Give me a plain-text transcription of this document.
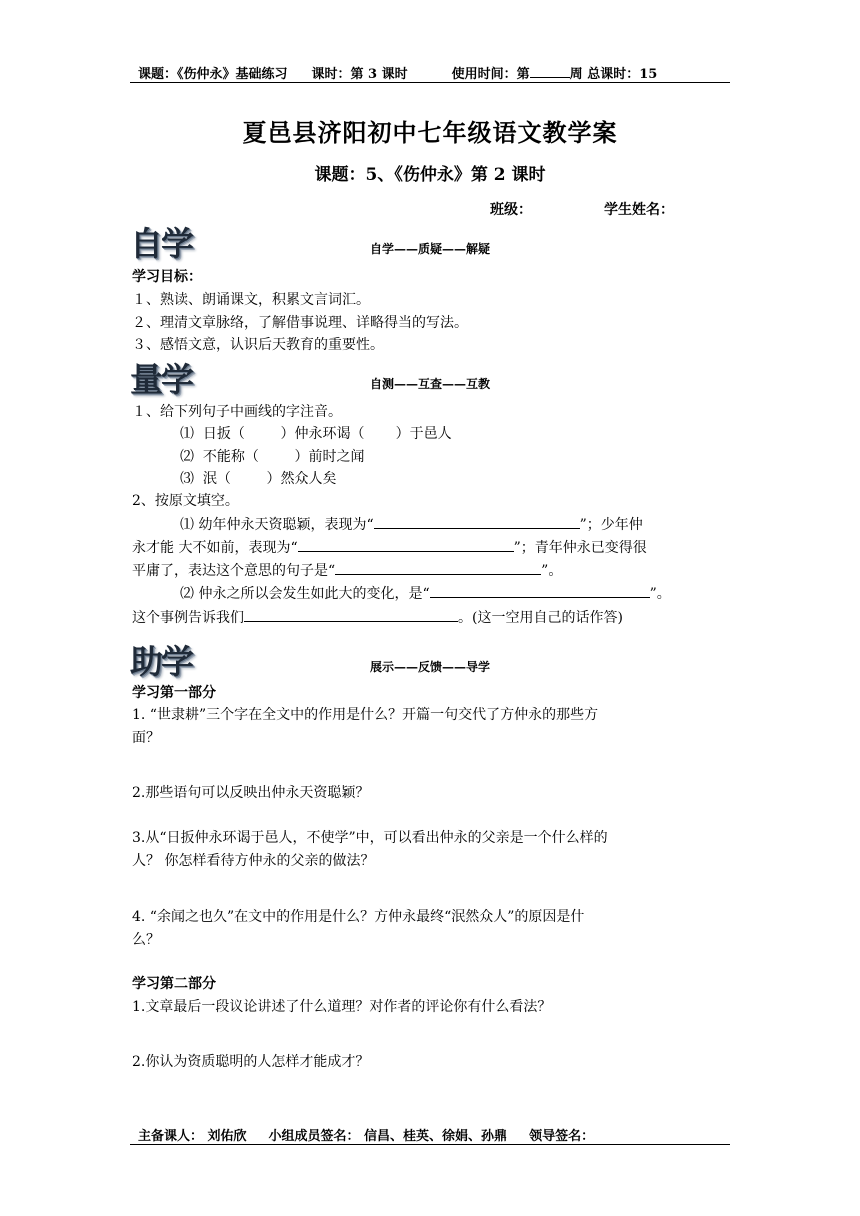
课题：《伤仲永》基础练习 课时：第 3 课时	使用时间：第	周 总课时：15
夏邑县济阳初中七年级语文教学案
课题：5、《伤仲永》第 2 课时
班级：	学生姓名：
自学	自学——质疑——解疑
学习目标：
１、熟读、朗诵课文，积累文言词汇。
２、理清文章脉络，了解借事说理、详略得当的写法。
３、感悟文意，认识后天教育的重要性。
量学	自测——互查——互教
１、给下列句子中画线的字注音。
⑴  日扳（        ）仲永环谒（       ）于邑人
⑵  不能称（        ）前时之闻
⑶  泯（        ）然众人矣
2、按原文填空。
⑴ 幼年仲永天资聪颖，表现为“	”；少年仲
永才能 大不如前，表现为“	”；青年仲永已变得很
平庸了，表达这个意思的句子是“	”。
⑵ 仲永之所以会发生如此大的变化，是“	”。
这个事例告诉我们	。(这一空用自己的话作答)
助学	展示——反馈——导学
学习第一部分
1. “世隶耕”三个字在全文中的作用是什么？开篇一句交代了方仲永的那些方
面？
2.那些语句可以反映出仲永天资聪颖？
3.从“日扳仲永环谒于邑人，不使学”中，可以看出仲永的父亲是一个什么样的
人？ 你怎样看待方仲永的父亲的做法？
4. “余闻之也久”在文中的作用是什么？方仲永最终“泯然众人”的原因是什
么？
学习第二部分
1.文章最后一段议论讲述了什么道理？对作者的评论你有什么看法？
2.你认为资质聪明的人怎样才能成才？
主备课人： 刘佑欣 小组成员签名： 信昌、桂英、徐娟、孙鼎 领导签名：
